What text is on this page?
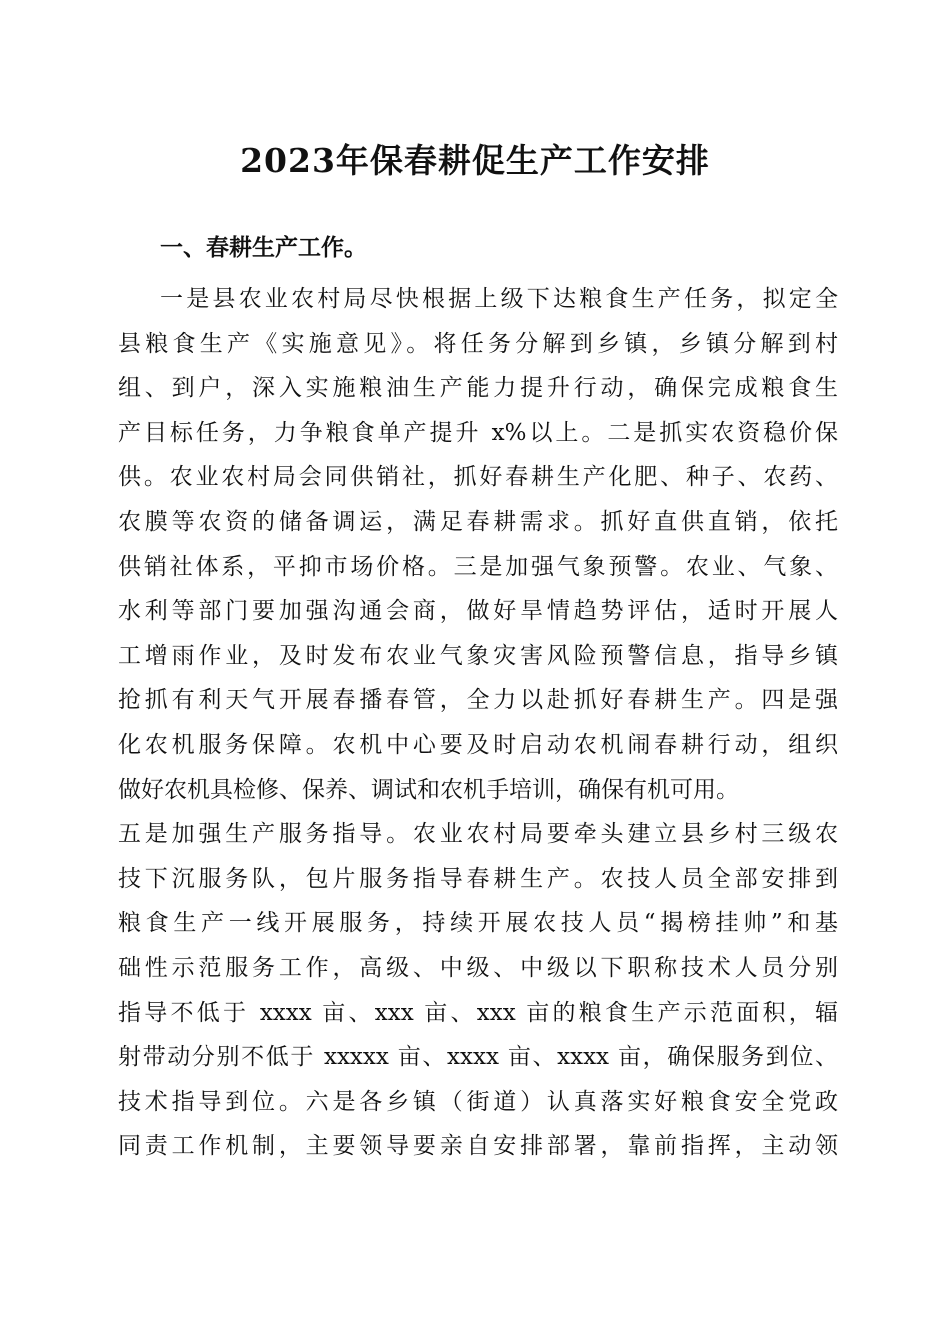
2023年保春耕促生产工作安排
一、春耕生产工作。
一是县农业农村局尽快根据上级下达粮食生产任务，拟定全
县粮食生产《实施意见》。将任务分解到乡镇，乡镇分解到村
组、到户，深入实施粮油生产能力提升行动，确保完成粮食生
产目标任务，力争粮食单产提升 x%以上。二是抓实农资稳价保
供。农业农村局会同供销社，抓好春耕生产化肥、种子、农药、
农膜等农资的储备调运，满足春耕需求。抓好直供直销，依托
供销社体系，平抑市场价格。三是加强气象预警。农业、气象、
水利等部门要加强沟通会商，做好旱情趋势评估，适时开展人
工增雨作业，及时发布农业气象灾害风险预警信息，指导乡镇
抢抓有利天气开展春播春管，全力以赴抓好春耕生产。四是强
化农机服务保障。农机中心要及时启动农机闹春耕行动，组织
做好农机具检修、保养、调试和农机手培训，确保有机可用。
五是加强生产服务指导。农业农村局要牵头建立县乡村三级农
技下沉服务队，包片服务指导春耕生产。农技人员全部安排到
粮食生产一线开展服务，持续开展农技人员“揭榜挂帅”和基
础性示范服务工作，高级、中级、中级以下职称技术人员分别
指导不低于 xxxx 亩、xxx 亩、xxx 亩的粮食生产示范面积，辐
射带动分别不低于 xxxxx 亩、xxxx 亩、xxxx 亩，确保服务到位、
技术指导到位。六是各乡镇（街道）认真落实好粮食安全党政
同责工作机制，主要领导要亲自安排部署，靠前指挥，主动领
